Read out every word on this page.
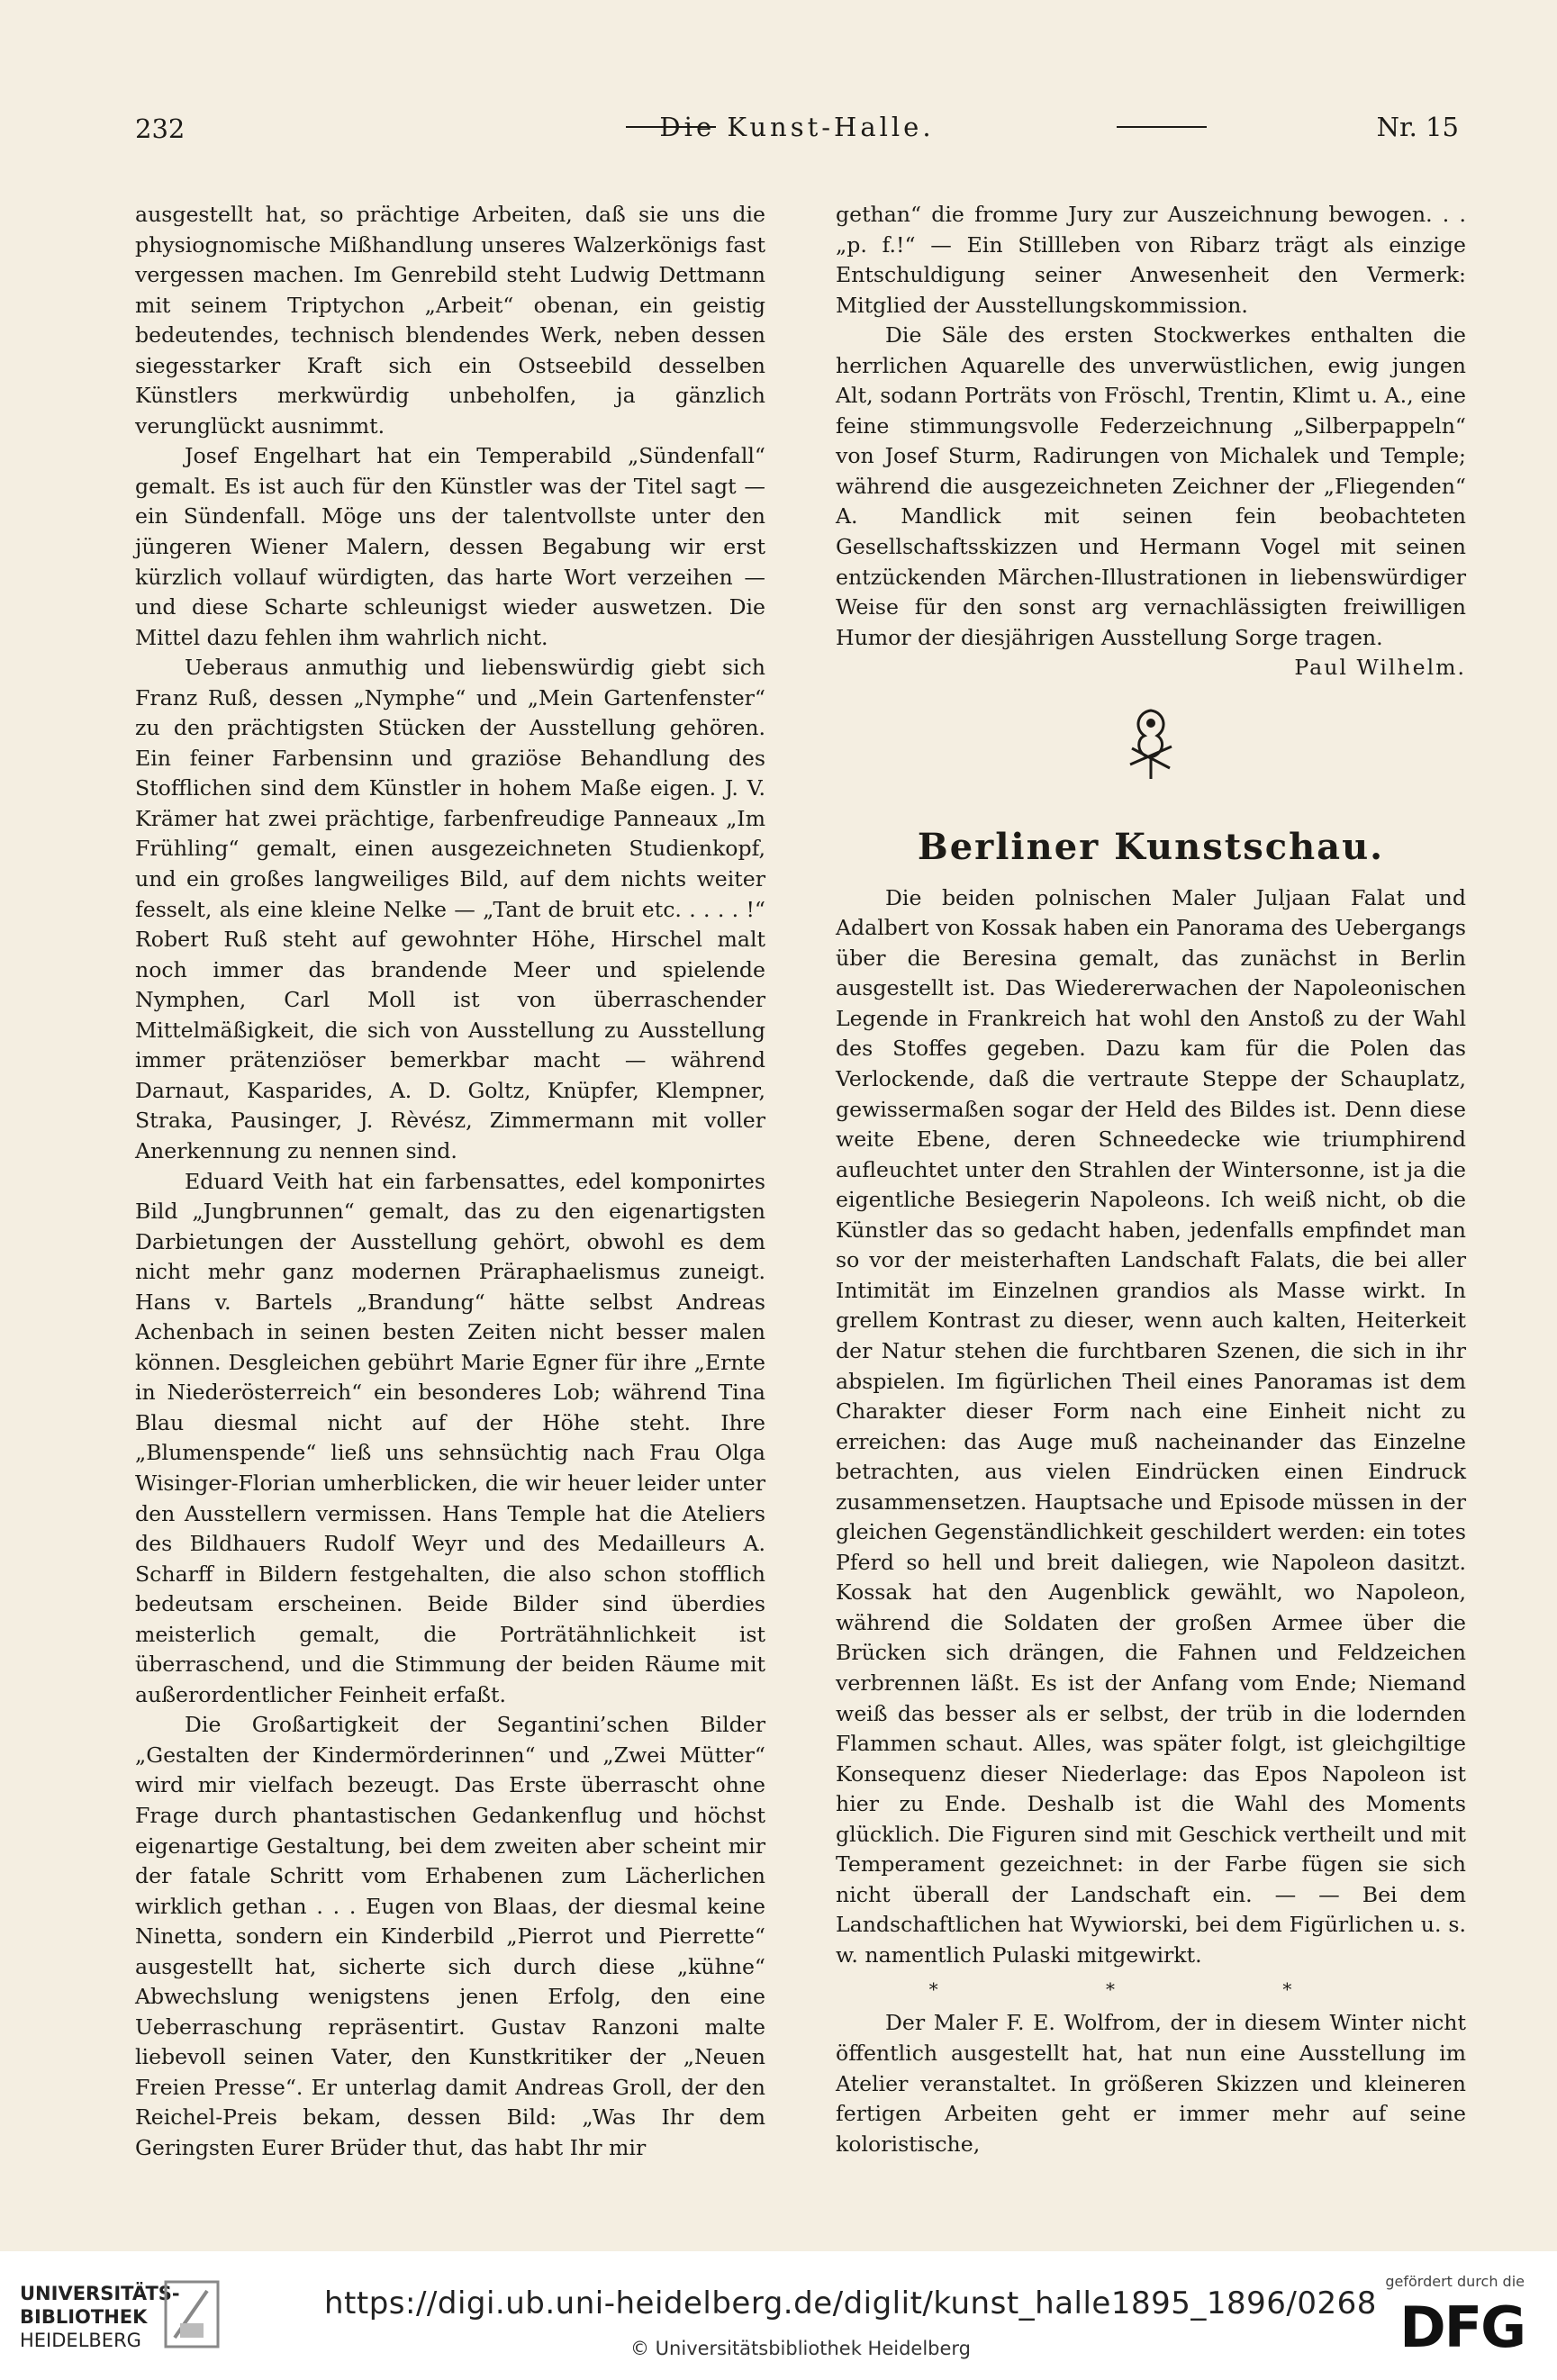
232	Die Kunst-Halle.	Nr. 15

ausgestellt hat, so prächtige Arbeiten, daß sie uns die physiognomische Mißhandlung unseres Walzerkönigs fast vergessen machen. Im Genrebild steht Ludwig Dettmann mit seinem Triptychon „Arbeit“ obenan, ein geistig bedeutendes, technisch blendendes Werk, neben dessen siegesstarker Kraft sich ein Ostseebild desselben Künstlers merkwürdig unbeholfen, ja gänzlich verunglückt ausnimmt.

Josef Engelhart hat ein Temperabild „Sündenfall“ gemalt. Es ist auch für den Künstler was der Titel sagt — ein Sündenfall. Möge uns der talentvollste unter den jüngeren Wiener Malern, dessen Begabung wir erst kürzlich vollauf würdigten, das harte Wort verzeihen — und diese Scharte schleunigst wieder auswetzen. Die Mittel dazu fehlen ihm wahrlich nicht.

Ueberaus anmuthig und liebenswürdig giebt sich Franz Ruß, dessen „Nymphe“ und „Mein Gartenfenster“ zu den prächtigsten Stücken der Ausstellung gehören. Ein feiner Farbensinn und graziöse Behandlung des Stofflichen sind dem Künstler in hohem Maße eigen. J. V. Krämer hat zwei prächtige, farbenfreudige Panneaux „Im Frühling“ gemalt, einen ausgezeichneten Studienkopf, und ein großes langweiliges Bild, auf dem nichts weiter fesselt, als eine kleine Nelke — „Tant de bruit etc. . . . . !“ Robert Ruß steht auf gewohnter Höhe, Hirschel malt noch immer das brandende Meer und spielende Nymphen, Carl Moll ist von überraschender Mittelmäßigkeit, die sich von Ausstellung zu Ausstellung immer prätenziöser bemerkbar macht — während Darnaut, Kasparides, A. D. Goltz, Knüpfer, Klempner, Straka, Pausinger, J. Rèvész, Zimmermann mit voller Anerkennung zu nennen sind.

Eduard Veith hat ein farbensattes, edel komponirtes Bild „Jungbrunnen“ gemalt, das zu den eigenartigsten Darbietungen der Ausstellung gehört, obwohl es dem nicht mehr ganz modernen Präraphaelismus zuneigt. Hans v. Bartels „Brandung“ hätte selbst Andreas Achenbach in seinen besten Zeiten nicht besser malen können. Desgleichen gebührt Marie Egner für ihre „Ernte in Niederösterreich“ ein besonderes Lob; während Tina Blau diesmal nicht auf der Höhe steht. Ihre „Blumenspende“ ließ uns sehnsüchtig nach Frau Olga Wisinger-Florian umherblicken, die wir heuer leider unter den Ausstellern vermissen. Hans Temple hat die Ateliers des Bildhauers Rudolf Weyr und des Medailleurs A. Scharff in Bildern festgehalten, die also schon stofflich bedeutsam erscheinen. Beide Bilder sind überdies meisterlich gemalt, die Porträtähnlichkeit ist überraschend, und die Stimmung der beiden Räume mit außerordentlicher Feinheit erfaßt.

Die Großartigkeit der Segantini’schen Bilder „Gestalten der Kindermörderinnen“ und „Zwei Mütter“ wird mir vielfach bezeugt. Das Erste überrascht ohne Frage durch phantastischen Gedankenflug und höchst eigenartige Gestaltung, bei dem zweiten aber scheint mir der fatale Schritt vom Erhabenen zum Lächerlichen wirklich gethan . . . Eugen von Blaas, der diesmal keine Ninetta, sondern ein Kinderbild „Pierrot und Pierrette“ ausgestellt hat, sicherte sich durch diese „kühne“ Abwechslung wenigstens jenen Erfolg, den eine Ueberraschung repräsentirt. Gustav Ranzoni malte liebevoll seinen Vater, den Kunstkritiker der „Neuen Freien Presse“. Er unterlag damit Andreas Groll, der den Reichel-Preis bekam, dessen Bild: „Was Ihr dem Geringsten Eurer Brüder thut, das habt Ihr mir

gethan“ die fromme Jury zur Auszeichnung bewogen. . . „p. f.!“ — Ein Stillleben von Ribarz trägt als einzige Entschuldigung seiner Anwesenheit den Vermerk: Mitglied der Ausstellungskommission.

Die Säle des ersten Stockwerkes enthalten die herrlichen Aquarelle des unverwüstlichen, ewig jungen Alt, sodann Porträts von Fröschl, Trentin, Klimt u. A., eine feine stimmungsvolle Federzeichnung „Silberpappeln“ von Josef Sturm, Radirungen von Michalek und Temple; während die ausgezeichneten Zeichner der „Fliegenden“ A. Mandlick mit seinen fein beobachteten Gesellschaftsskizzen und Hermann Vogel mit seinen entzückenden Märchen-Illustrationen in liebenswürdiger Weise für den sonst arg vernachlässigten freiwilligen Humor der diesjährigen Ausstellung Sorge tragen.

Paul Wilhelm.

Berliner Kunstschau.

Die beiden polnischen Maler Juljaan Falat und Adalbert von Kossak haben ein Panorama des Uebergangs über die Beresina gemalt, das zunächst in Berlin ausgestellt ist. Das Wiedererwachen der Napoleonischen Legende in Frankreich hat wohl den Anstoß zu der Wahl des Stoffes gegeben. Dazu kam für die Polen das Verlockende, daß die vertraute Steppe der Schauplatz, gewissermaßen sogar der Held des Bildes ist. Denn diese weite Ebene, deren Schneedecke wie triumphirend aufleuchtet unter den Strahlen der Wintersonne, ist ja die eigentliche Besiegerin Napoleons. Ich weiß nicht, ob die Künstler das so gedacht haben, jedenfalls empfindet man so vor der meisterhaften Landschaft Falats, die bei aller Intimität im Einzelnen grandios als Masse wirkt. In grellem Kontrast zu dieser, wenn auch kalten, Heiterkeit der Natur stehen die furchtbaren Szenen, die sich in ihr abspielen. Im figürlichen Theil eines Panoramas ist dem Charakter dieser Form nach eine Einheit nicht zu erreichen: das Auge muß nacheinander das Einzelne betrachten, aus vielen Eindrücken einen Eindruck zusammensetzen. Hauptsache und Episode müssen in der gleichen Gegenständlichkeit geschildert werden: ein totes Pferd so hell und breit daliegen, wie Napoleon dasitzt. Kossak hat den Augenblick gewählt, wo Napoleon, während die Soldaten der großen Armee über die Brücken sich drängen, die Fahnen und Feldzeichen verbrennen läßt. Es ist der Anfang vom Ende; Niemand weiß das besser als er selbst, der trüb in die lodernden Flammen schaut. Alles, was später folgt, ist gleichgiltige Konsequenz dieser Niederlage: das Epos Napoleon ist hier zu Ende. Deshalb ist die Wahl des Moments glücklich. Die Figuren sind mit Geschick vertheilt und mit Temperament gezeichnet: in der Farbe fügen sie sich nicht überall der Landschaft ein. — — Bei dem Landschaftlichen hat Wywiorski, bei dem Figürlichen u. s. w. namentlich Pulaski mitgewirkt.

* * *

Der Maler F. E. Wolfrom, der in diesem Winter nicht öffentlich ausgestellt hat, hat nun eine Ausstellung im Atelier veranstaltet. In größeren Skizzen und kleineren fertigen Arbeiten geht er immer mehr auf seine koloristische,

UNIVERSITÄTS-
BIBLIOTHEK
HEIDELBERG
https://digi.ub.uni-heidelberg.de/diglit/kunst_halle1895_1896/0268
© Universitätsbibliothek Heidelberg
gefördert durch die
DFG
